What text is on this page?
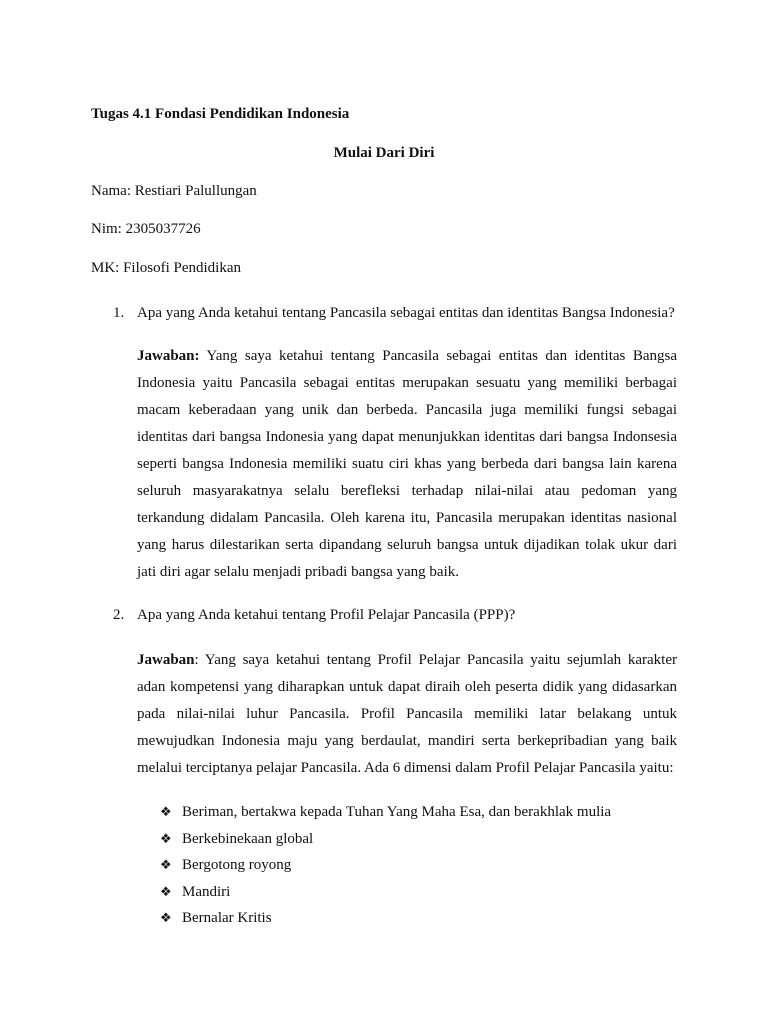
Tugas 4.1 Fondasi Pendidikan Indonesia
Mulai Dari Diri
Nama: Restiari Palullungan
Nim: 2305037726
MK: Filosofi Pendidikan
1. Apa yang Anda ketahui tentang Pancasila sebagai entitas dan identitas Bangsa Indonesia?
Jawaban: Yang saya ketahui tentang Pancasila sebagai entitas dan identitas Bangsa Indonesia yaitu Pancasila sebagai entitas merupakan sesuatu yang memiliki berbagai macam keberadaan yang unik dan berbeda. Pancasila juga memiliki fungsi sebagai identitas dari bangsa Indonesia yang dapat menunjukkan identitas dari bangsa Indonsesia seperti bangsa Indonesia memiliki suatu ciri khas yang berbeda dari bangsa lain karena seluruh masyarakatnya selalu berefleksi terhadap nilai-nilai atau pedoman yang terkandung didalam Pancasila. Oleh karena itu, Pancasila merupakan identitas nasional yang harus dilestarikan serta dipandang seluruh bangsa untuk dijadikan tolak ukur dari jati diri agar selalu menjadi pribadi bangsa yang baik.
2. Apa yang Anda ketahui tentang Profil Pelajar Pancasila (PPP)?
Jawaban: Yang saya ketahui tentang Profil Pelajar Pancasila yaitu sejumlah karakter adan kompetensi yang diharapkan untuk dapat diraih oleh peserta didik yang didasarkan pada nilai-nilai luhur Pancasila. Profil Pancasila memiliki latar belakang untuk mewujudkan Indonesia maju yang berdaulat, mandiri serta berkepribadian yang baik melalui terciptanya pelajar Pancasila. Ada 6 dimensi dalam Profil Pelajar Pancasila yaitu:
❖ Beriman, bertakwa kepada Tuhan Yang Maha Esa, dan berakhlak mulia
❖ Berkebinekaan global
❖ Bergotong royong
❖ Mandiri
❖ Bernalar Kritis
